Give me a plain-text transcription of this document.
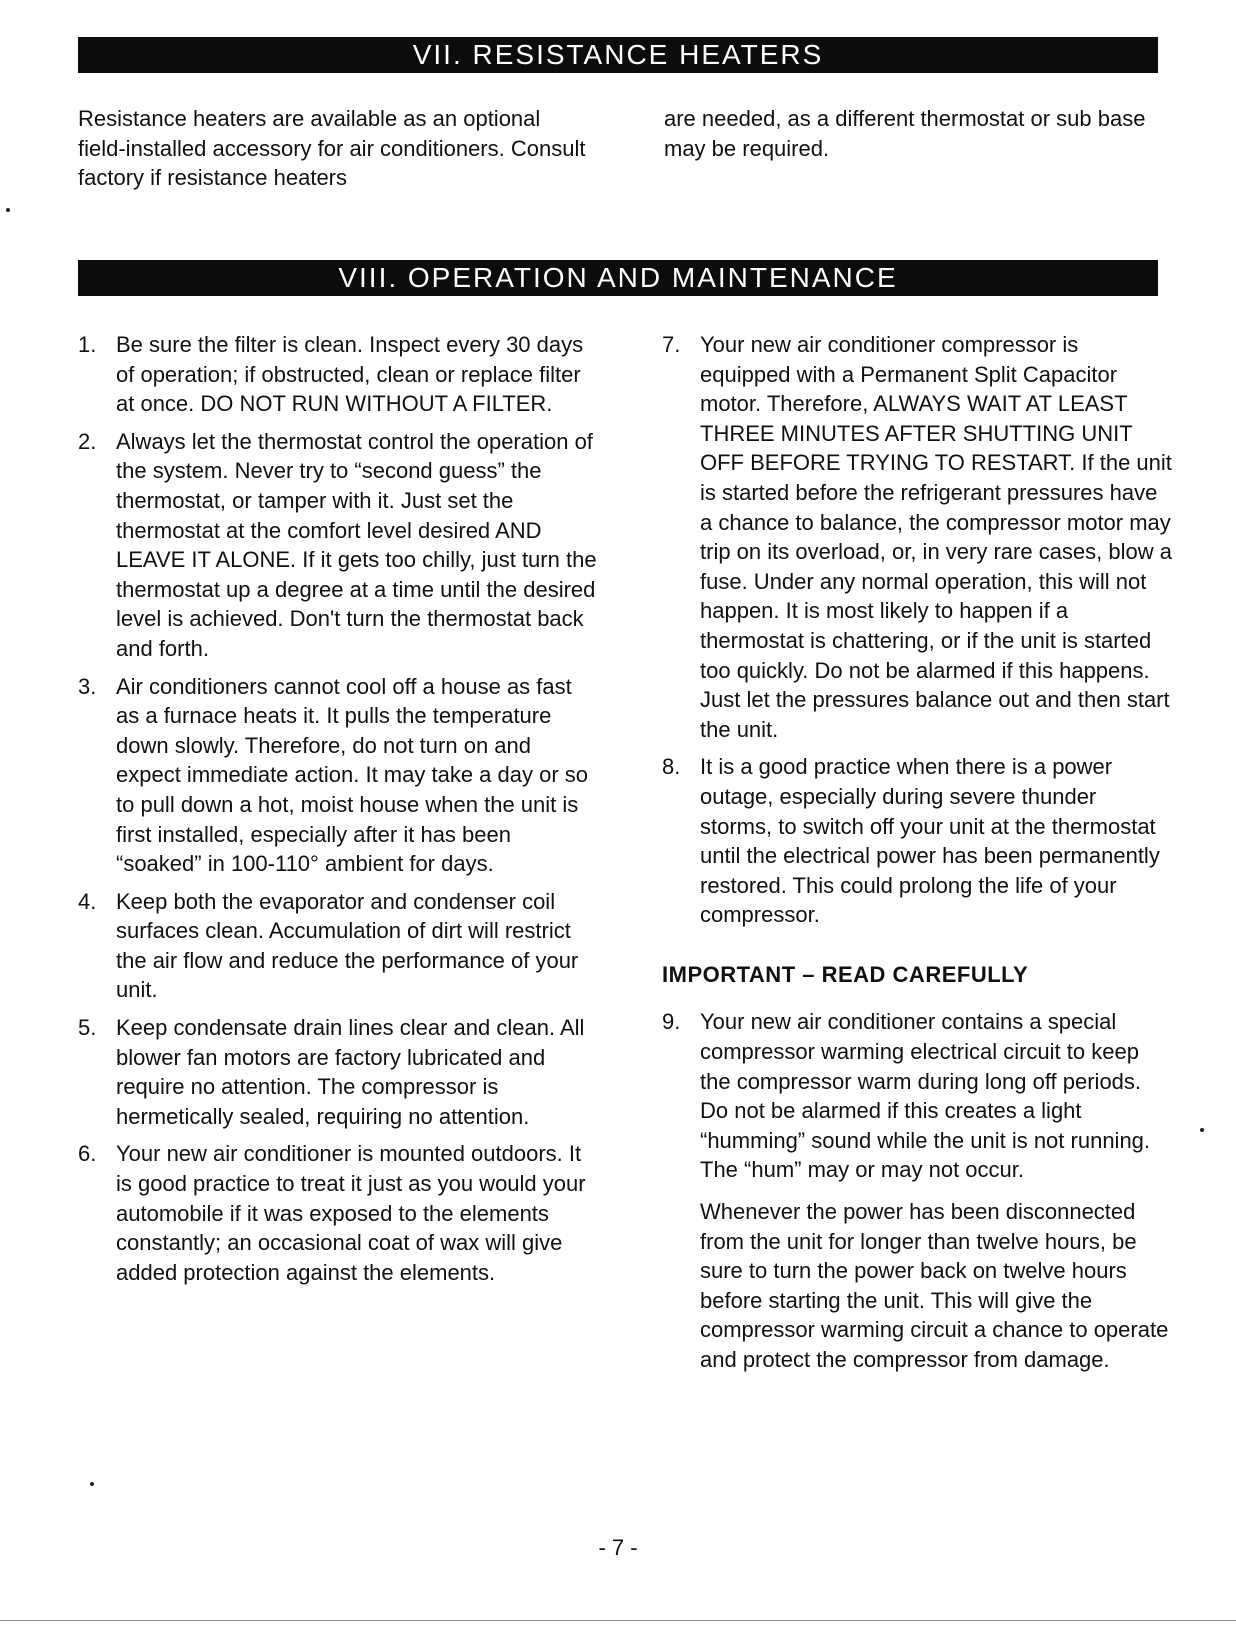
VII. RESISTANCE HEATERS

Resistance heaters are available as an optional field-installed accessory for air conditioners. Consult factory if resistance heaters

are needed, as a different thermostat or sub base may be required.

VIII. OPERATION AND MAINTENANCE
1. Be sure the filter is clean. Inspect every 30 days of operation; if obstructed, clean or replace filter at once. DO NOT RUN WITHOUT A FILTER.

2. Always let the thermostat control the operation of the system. Never try to “second guess” the thermostat, or tamper with it. Just set the thermostat at the comfort level desired AND LEAVE IT ALONE. If it gets too chilly, just turn the thermostat up a degree at a time until the desired level is achieved. Don't turn the thermostat back and forth.

3. Air conditioners cannot cool off a house as fast as a furnace heats it. It pulls the temperature down slowly. Therefore, do not turn on and expect immediate action. It may take a day or so to pull down a hot, moist house when the unit is first installed, especially after it has been “soaked” in 100-110° ambient for days.

4. Keep both the evaporator and condenser coil surfaces clean. Accumulation of dirt will restrict the air flow and reduce the performance of your unit.

5. Keep condensate drain lines clear and clean. All blower fan motors are factory lubricated and require no attention. The compressor is hermetically sealed, requiring no attention.

6. Your new air conditioner is mounted outdoors. It is good practice to treat it just as you would your automobile if it was exposed to the elements constantly; an occasional coat of wax will give added protection against the elements.

7. Your new air conditioner compressor is equipped with a Permanent Split Capacitor motor. Therefore, ALWAYS WAIT AT LEAST THREE MINUTES AFTER SHUTTING UNIT OFF BEFORE TRYING TO RESTART. If the unit is started before the refrigerant pressures have a chance to balance, the compressor motor may trip on its overload, or, in very rare cases, blow a fuse. Under any normal operation, this will not happen. It is most likely to happen if a thermostat is chattering, or if the unit is started too quickly. Do not be alarmed if this happens. Just let the pressures balance out and then start the unit.

8. It is a good practice when there is a power outage, especially during severe thunder storms, to switch off your unit at the thermostat until the electrical power has been permanently restored. This could prolong the life of your compressor.

IMPORTANT – READ CAREFULLY
9. Your new air conditioner contains a special compressor warming electrical circuit to keep the compressor warm during long off periods. Do not be alarmed if this creates a light “humming” sound while the unit is not running. The “hum” may or may not occur.

Whenever the power has been disconnected from the unit for longer than twelve hours, be sure to turn the power back on twelve hours before starting the unit. This will give the compressor warming circuit a chance to operate and protect the compressor from damage.

- 7 -
